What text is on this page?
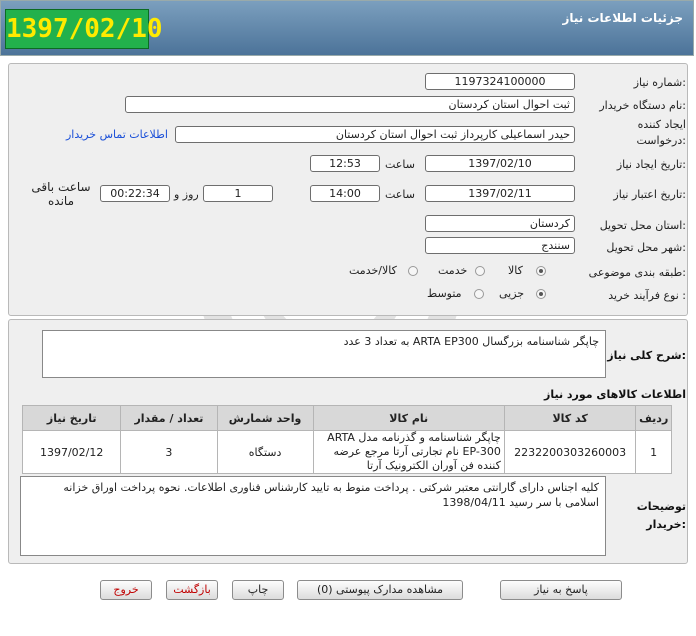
1397/02/10	جزئیات اطلاعات نیاز
شماره نیاز:
1197324100000
نام دستگاه خریدار:
ثبت احوال استان کردستان
ایجاد کننده
درخواست:
حیدر اسماعیلی کارپرداز ثبت احوال استان کردستان
اطلاعات تماس خریدار
تاریخ ایجاد نیاز:
1397/02/10
ساعت
12:53
تاریخ اعتبار نیاز:
1397/02/11
ساعت
14:00
1
روز و
00:22:34
ساعت باقی مانده
استان محل تحویل:
کردستان
شهر محل تحویل:
سنندج
طبقه بندی موضوعی:
کالا
خدمت
کالا/خدمت
نوع فرآیند خرید :
جزیی
متوسط
شرح کلی نیاز:
چاپگر شناسنامه بزرگسال ARTA EP300 به تعداد 3 عدد
اطلاعات کالاهای مورد نیاز
تاریخ نیاز	تعداد / مقدار	واحد شمارش	نام کالا	کد کالا	ردیف
1397/02/12	3	دستگاه	چاپگر شناسنامه و گذرنامه مدل ARTA EP-300 نام تجارتی آرتا مرجع عرضه کننده فن آوران الکترونیک آرتا	2232200303260003	1
توضیحات
خریدار:
کلیه اجناس دارای گارانتی معتبر شرکتی . پرداخت منوط به تایید کارشناس فناوری اطلاعات. نحوه پرداخت اوراق خزانه اسلامی با سر رسید 1398/04/11
پاسخ به نیاز
مشاهده مدارک پیوستی (0)
چاپ
بازگشت
خروج
